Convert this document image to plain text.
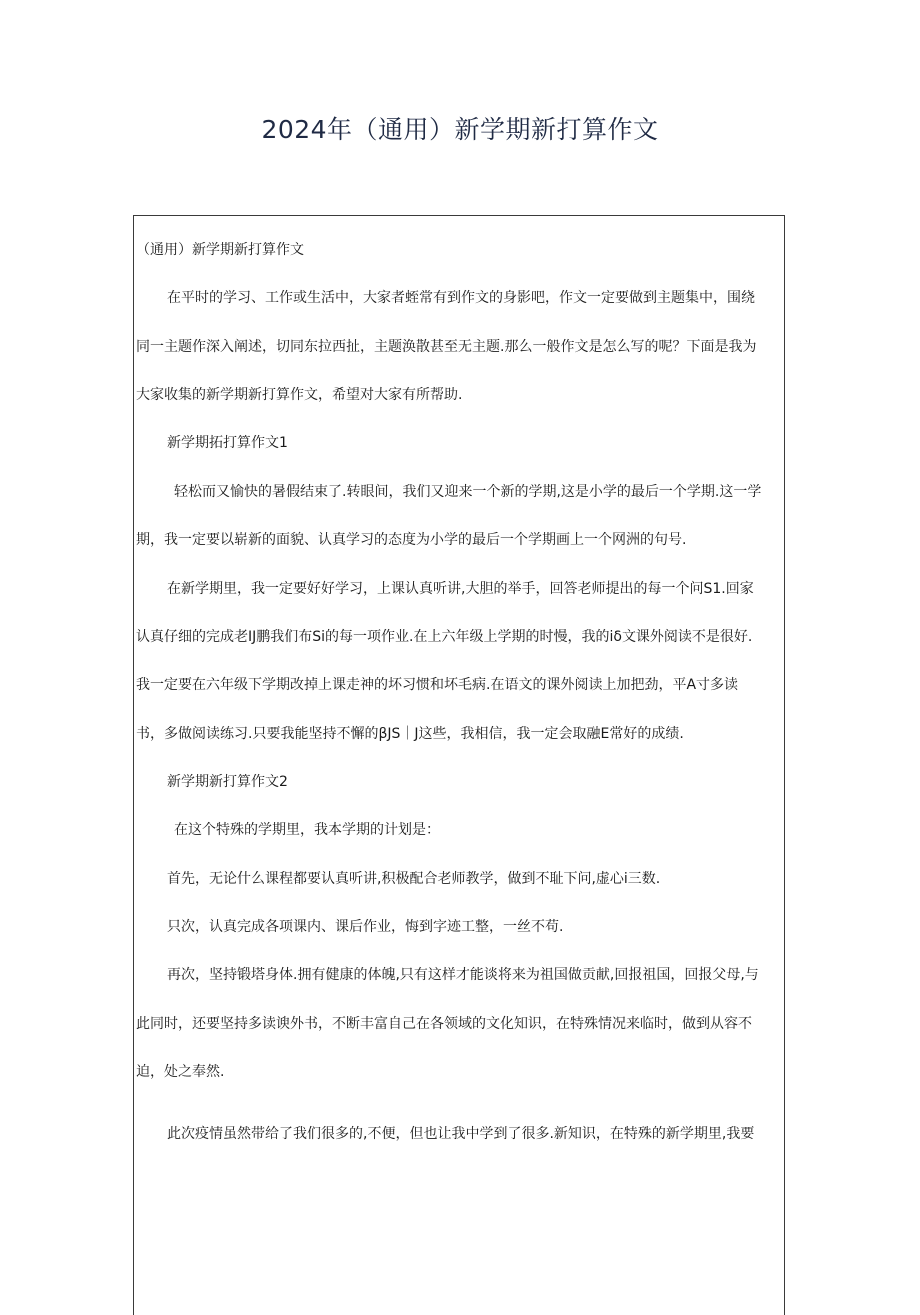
2024年（通用）新学期新打算作文
（通用）新学期新打算作文
在平时的学习、工作或生活中，大家者蛭常有到作文的身影吧，作文一定要做到主题集中，围绕
同一主题作深入阐述，切同东拉西扯，主题涣散甚至无主题.那么一般作文是怎么写的呢？下面是我为
大家收集的新学期新打算作文，希望对大家有所帮助.
新学期拓打算作文1
轻松而又愉快的暑假结束了.转眼间，我们又迎来一个新的学期,这是小学的最后一个学期.这一学
期，我一定要以崭新的面貌、认真学习的态度为小学的最后一个学期画上一个网洲的句号.
在新学期里，我一定要好好学习，上课认真听讲,大胆的举手，回答老师提出的每一个问S1.回家
认真仔细的完成老IJ鹏我们布Si的每一项作业.在上六年级上学期的时慢，我的iδ文课外阅读不是很好.
我一定要在六年级下学期改掉上课走神的坏习惯和坏毛病.在语文的课外阅读上加把劲，平A寸多读
书，多做阅读练习.只要我能坚持不懈的βJS｜J这些，我相信，我一定会取融E常好的成绩.
新学期新打算作文2
在这个特殊的学期里，我本学期的计划是：
首先，无论什么课程都要认真听讲,积极配合老师教学，做到不耻下问,虚心i三数.
只次，认真完成各项课内、课后作业，悔到字迹工整，一丝不苟.
再次，坚持锻塔身体.拥有健康的体魄,只有这样才能谈将来为祖国做贡献,回报祖国，回报父母,与
此同时，还要坚持多读谀外书，不断丰富自己在各领域的文化知识，在特殊情况来临时，做到从容不
迫，处之奉然.
此次疫情虽然带给了我们很多的,不便，但也让我中学到了很多.新知识，在特殊的新学期里,我要
